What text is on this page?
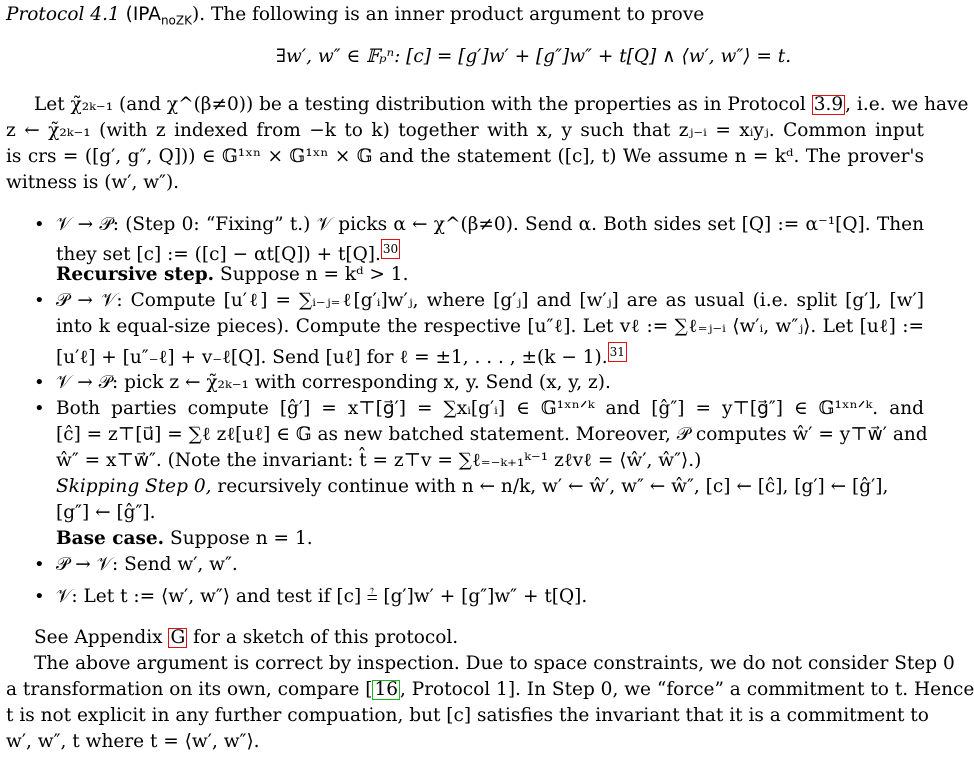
Protocol 4.1 $(IPA_{noZK})$. The following is an inner product argument to prove
∃w′, w″ ∈ 𝔽ₚⁿ: [c] = [g′]w′ + [g″]w″ + t[Q] ∧ ⟨w′, w″⟩ = t.
Let χ̃₂ₖ₋₁ (and χ^(β≠0)) be a testing distribution with the properties as in Protocol 3.9 , i.e. we have
z ← χ̃₂ₖ₋₁ (with z indexed from −k to k) together with x, y such that zⱼ₋ᵢ = xᵢyⱼ. Common input
is crs = ([g′, g″, Q])) ∈ 𝔾¹ˣⁿ × 𝔾¹ˣⁿ × 𝔾 and the statement ([c], t) We assume n = kᵈ. The prover's
witness is (w′, w″).
• 𝒱 → 𝒫: (Step 0: “Fixing” t.) 𝒱 picks α ← χ^(β≠0). Send α. Both sides set [Q] := α⁻¹[Q]. Then
they set [c] := ([c] − αt[Q]) + t[Q]. $^{30}$
Recursive step. Suppose n = kᵈ > 1.
• 𝒫 → 𝒱: Compute [u′ℓ] = ∑ᵢ₋ⱼ₌ℓ[g′ᵢ]w′ⱼ, where [g′ⱼ] and [w′ⱼ] are as usual (i.e. split [g′], [w′]
into k equal-size pieces). Compute the respective [u″ℓ]. Let vℓ := ∑ℓ₌ⱼ₋ᵢ ⟨w′ᵢ, w″ⱼ⟩. Let [uℓ] :=
[u′ℓ] + [u″₋ℓ] + v₋ℓ[Q]. Send [uℓ] for ℓ = ±1, . . . , ±(k − 1). $^{31}$
• 𝒱 → 𝒫: pick z ← χ̃₂ₖ₋₁ with corresponding x, y. Send (x, y, z).
• Both parties compute [ĝ′] = x⊤[g⃗′] = ∑xᵢ[g′ᵢ] ∈ 𝔾¹ˣⁿᐟᵏ and [ĝ″] = y⊤[g⃗″] ∈ 𝔾¹ˣⁿᐟᵏ. and
[ĉ] = z⊤[u⃗] = ∑ℓ zℓ[uℓ] ∈ 𝔾 as new batched statement. Moreover, 𝒫 computes ŵ′ = y⊤w⃗′ and
ŵ″ = x⊤w⃗″. (Note the invariant: t̂ = z⊤v = ∑ℓ₌₋ₖ₊₁ᵏ⁻¹ zℓvℓ = ⟨ŵ′, ŵ″⟩.)
Skipping Step 0, recursively continue with n ← n/k, w′ ← ŵ′, w″ ← ŵ″, [c] ← [ĉ], [g′] ← [ĝ′],
[g″] ← [ĝ″].
Base case. Suppose n = 1.
• 𝒫 → 𝒱: Send w′, w″.
• 𝒱: Let t := ⟨w′, w″⟩ and test if [c] ≟ [g′]w′ + [g″]w″ + t[Q].
See Appendix G for a sketch of this protocol.
The above argument is correct by inspection. Due to space constraints, we do not consider Step 0
a transformation on its own, compare [ 16 , Protocol 1]. In Step 0, we “force” a commitment to t. Hence
t is not explicit in any further compuation, but [c] satisfies the invariant that it is a commitment to
w′, w″, t where t = ⟨w′, w″⟩.
